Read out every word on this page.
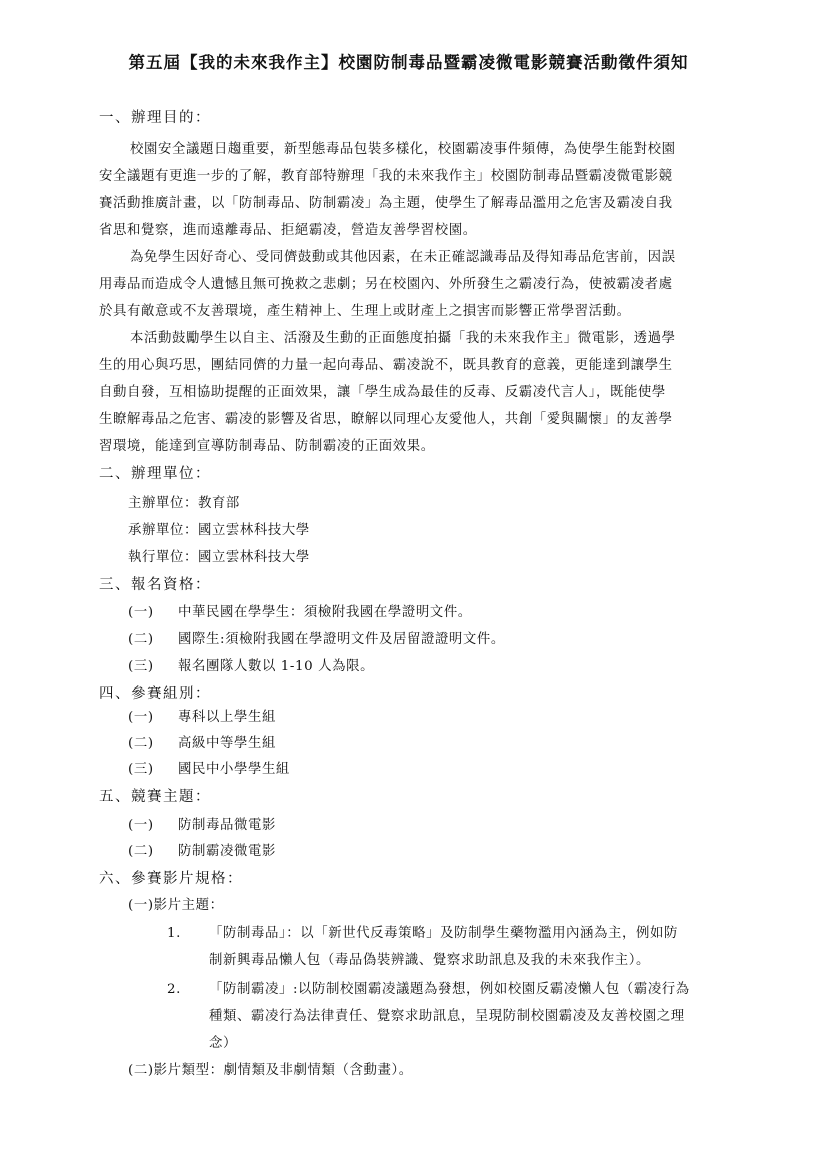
第五屆【我的未來我作主】校園防制毒品暨霸凌微電影競賽活動徵件須知
一、辦理目的：
校園安全議題日趨重要，新型態毒品包裝多樣化，校園霸凌事件頻傳，為使學生能對校園
安全議題有更進一步的了解，教育部特辦理「我的未來我作主」校園防制毒品暨霸凌微電影競
賽活動推廣計畫，以「防制毒品、防制霸凌」為主題，使學生了解毒品濫用之危害及霸凌自我
省思和覺察，進而遠離毒品、拒絕霸凌，營造友善學習校園。
為免學生因好奇心、受同儕鼓動或其他因素，在未正確認識毒品及得知毒品危害前，因誤
用毒品而造成令人遺憾且無可挽救之悲劇；另在校園內、外所發生之霸凌行為，使被霸凌者處
於具有敵意或不友善環境，產生精神上、生理上或財產上之損害而影響正常學習活動。
本活動鼓勵學生以自主、活潑及生動的正面態度拍攝「我的未來我作主」微電影，透過學
生的用心與巧思，團結同儕的力量一起向毒品、霸凌說不，既具教育的意義，更能達到讓學生
自動自發，互相協助提醒的正面效果，讓「學生成為最佳的反毒、反霸凌代言人」，既能使學
生瞭解毒品之危害、霸凌的影響及省思，瞭解以同理心友愛他人，共創「愛與關懷」的友善學
習環境，能達到宣導防制毒品、防制霸凌的正面效果。
二、辦理單位：
主辦單位：教育部
承辦單位：國立雲林科技大學
執行單位：國立雲林科技大學
三、報名資格：
(一) 中華民國在學學生：須檢附我國在學證明文件。
(二) 國際生:須檢附我國在學證明文件及居留證證明文件。
(三) 報名團隊人數以 1-10 人為限。
四、參賽組別：
(一) 專科以上學生組
(二) 高級中等學生組
(三) 國民中小學學生組
五、競賽主題：
(一) 防制毒品微電影
(二) 防制霸凌微電影
六、參賽影片規格：
(一)影片主題：
1. 「防制毒品」：以「新世代反毒策略」及防制學生藥物濫用內涵為主，例如防
制新興毒品懶人包（毒品偽裝辨識、覺察求助訊息及我的未來我作主）。
2. 「防制霸凌」:以防制校園霸凌議題為發想，例如校園反霸凌懶人包（霸凌行為
種類、霸凌行為法律責任、覺察求助訊息，呈現防制校園霸凌及友善校園之理
念）
(二)影片類型：劇情類及非劇情類（含動畫）。
